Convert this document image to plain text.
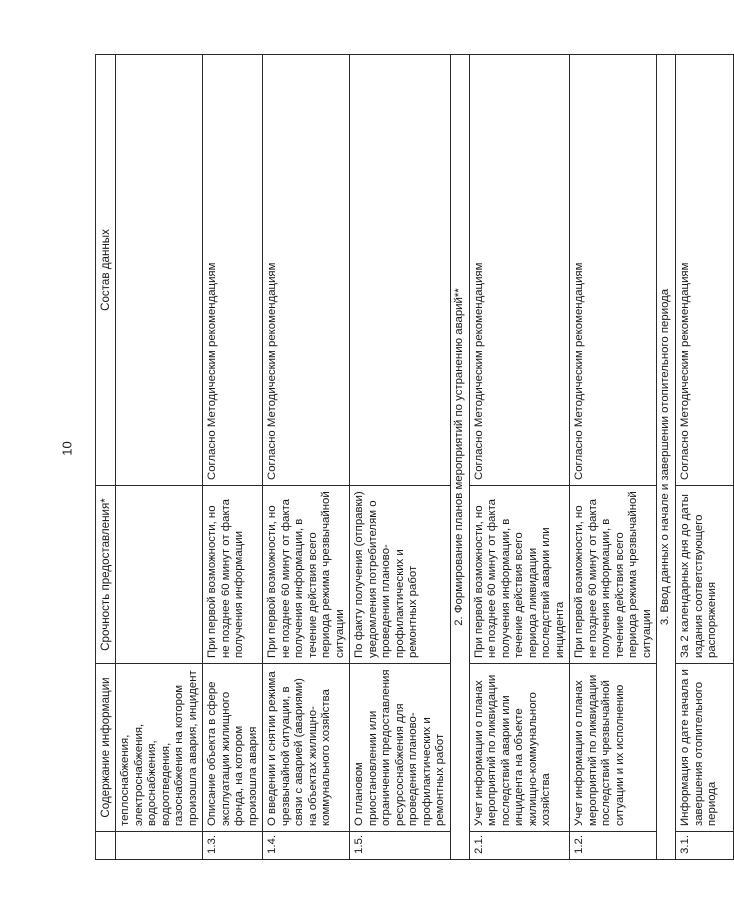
10
	Содержание информации	Срочность предоставления*	Состав данных
	теплоснабжения, электроснабжения, водоснабжения, водоотведения, газоснабжения на котором произошла авария, инцидент		
1.3.	Описание объекта в сфере эксплуатации жилищного фонда, на котором произошла авария	При первой возможности, но не позднее 60 минут от факта получения информации	Согласно Методическим рекомендациям
1.4.	О введении и снятии режима чрезвычайной ситуации, в связи с аварией (авариями) на объектах жилищно-коммунального хозяйства	При первой возможности, но не позднее 60 минут от факта получения информации, в течение действия всего периода режима чрезвычайной ситуации	Согласно Методическим рекомендациям
1.5.	О плановом приостановлении или ограничении предоставления ресурсоснабжения для проведения планово-профилактических и ремонтных работ	По факту получения (отправки) уведомления потребителям о проведении планово-профилактических и ремонтных работ	
2. Формирование планов мероприятий по устранению аварий**			
2.1.	Учет информации о планах мероприятий по ликвидации последствий аварии или инцидента на объекте жилищно-коммунального хозяйства	При первой возможности, но не позднее 60 минут от факта получения информации, в течение действия всего периода ликвидации последствий аварии или инцидента	Согласно Методическим рекомендациям
1.2.	Учет информации о планах мероприятий по ликвидации последствий чрезвычайной ситуации и их исполнению	При первой возможности, но не позднее 60 минут от факта получения информации, в течение действия всего периода режима чрезвычайной ситуации	Согласно Методическим рекомендациям
3. Ввод данных о начале и завершении отопительного периода			
3.1.	Информация о дате начала и завершения отопительного периода	За 2 календарных дня до даты издания соответствующего распоряжения	Согласно Методическим рекомендациям
